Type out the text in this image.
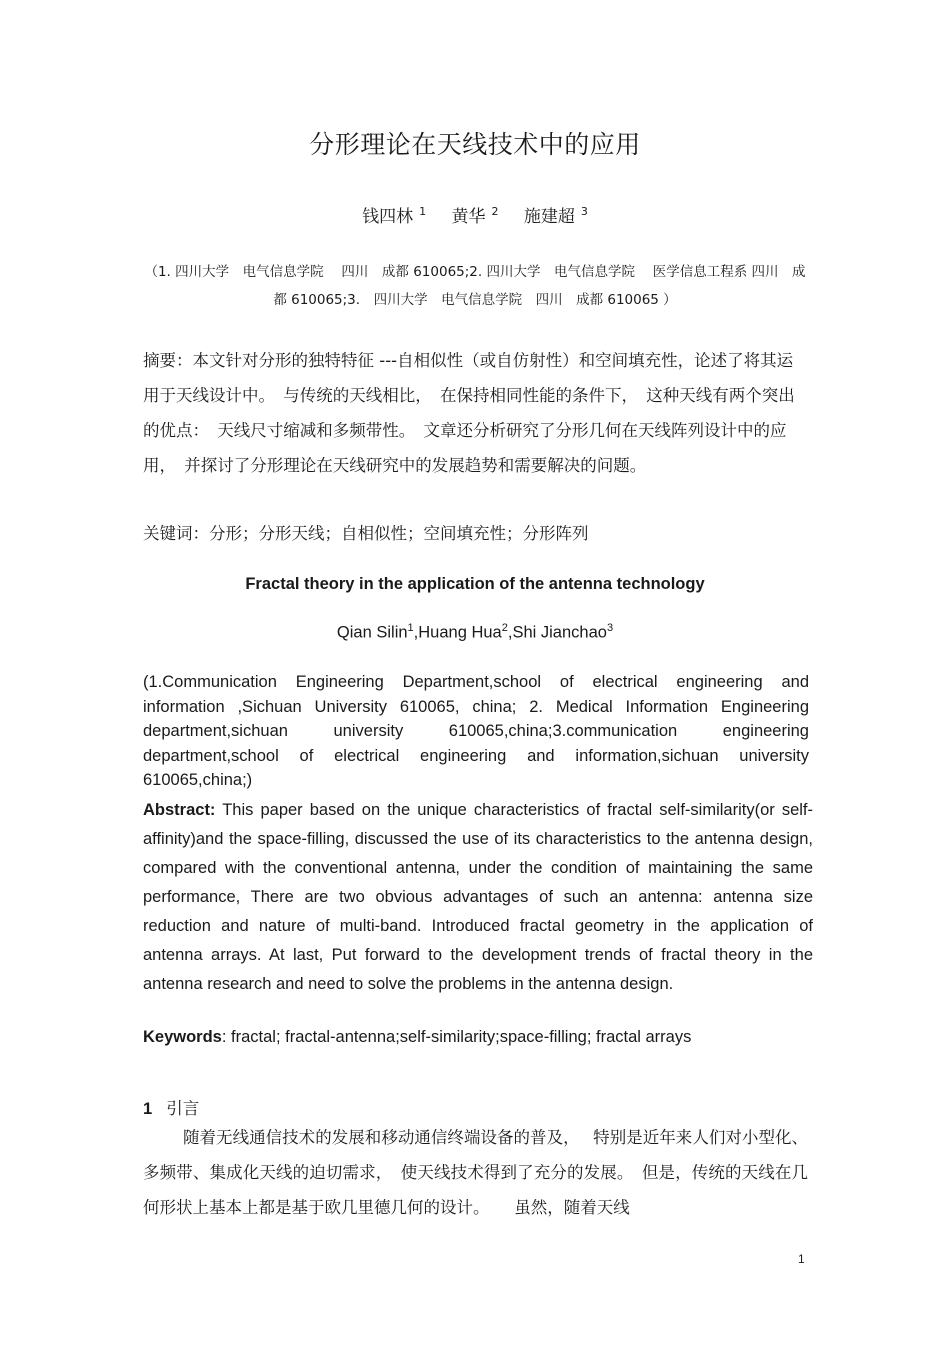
分形理论在天线技术中的应用
钱四林 $^1$ 黄华 $^2$ 施建超 $^3$
（1. 四川大学　电气信息学院　 四川　成都 610065;2. 四川大学　电气信息学院　 医学信息工程系 四川　成都 610065;3.　四川大学　电气信息学院　四川　成都 610065 ）
摘要：本文针对分形的独特特征 ---自相似性（或自仿射性）和空间填充性，论述了将其运用于天线设计中。　与传统的天线相比，　在保持相同性能的条件下，　这种天线有两个突出的优点：　天线尺寸缩减和多频带性。　文章还分析研究了分形几何在天线阵列设计中的应用，　并探讨了分形理论在天线研究中的发展趋势和需要解决的问题。
关键词：分形；分形天线；自相似性；空间填充性；分形阵列
Fractal theory in the application of the antenna technology
Qian Silin$^1$,Huang Hua$^2$,Shi Jianchao$^3$
(1.Communication Engineering Department,school of electrical engineering and information ,Sichuan University 610065, china; 2. Medical Information Engineering department,sichuan university 610065,china;3.communication engineering department,school of electrical engineering and information,sichuan university 610065,china;)
Abstract: This paper based on the unique characteristics of fractal self-similarity(or self-affinity)and the space-filling, discussed the use of its characteristics to the antenna design, compared with the conventional antenna, under the condition of maintaining the same performance, There are two obvious advantages of such an antenna: antenna size reduction and nature of multi-band. Introduced fractal geometry in the application of antenna arrays. At last, Put forward to the development trends of fractal theory in the antenna research and need to solve the problems in the antenna design.
Keywords: fractal; fractal-antenna;self-similarity;space-filling; fractal arrays
1 引言
随着无线通信技术的发展和移动通信终端设备的普及，　 特别是近年来人们对小型化、多频带、集成化天线的迫切需求，　使天线技术得到了充分的发展。　但是，传统的天线在几何形状上基本上都是基于欧几里德几何的设计。　　虽然，随着天线
1
